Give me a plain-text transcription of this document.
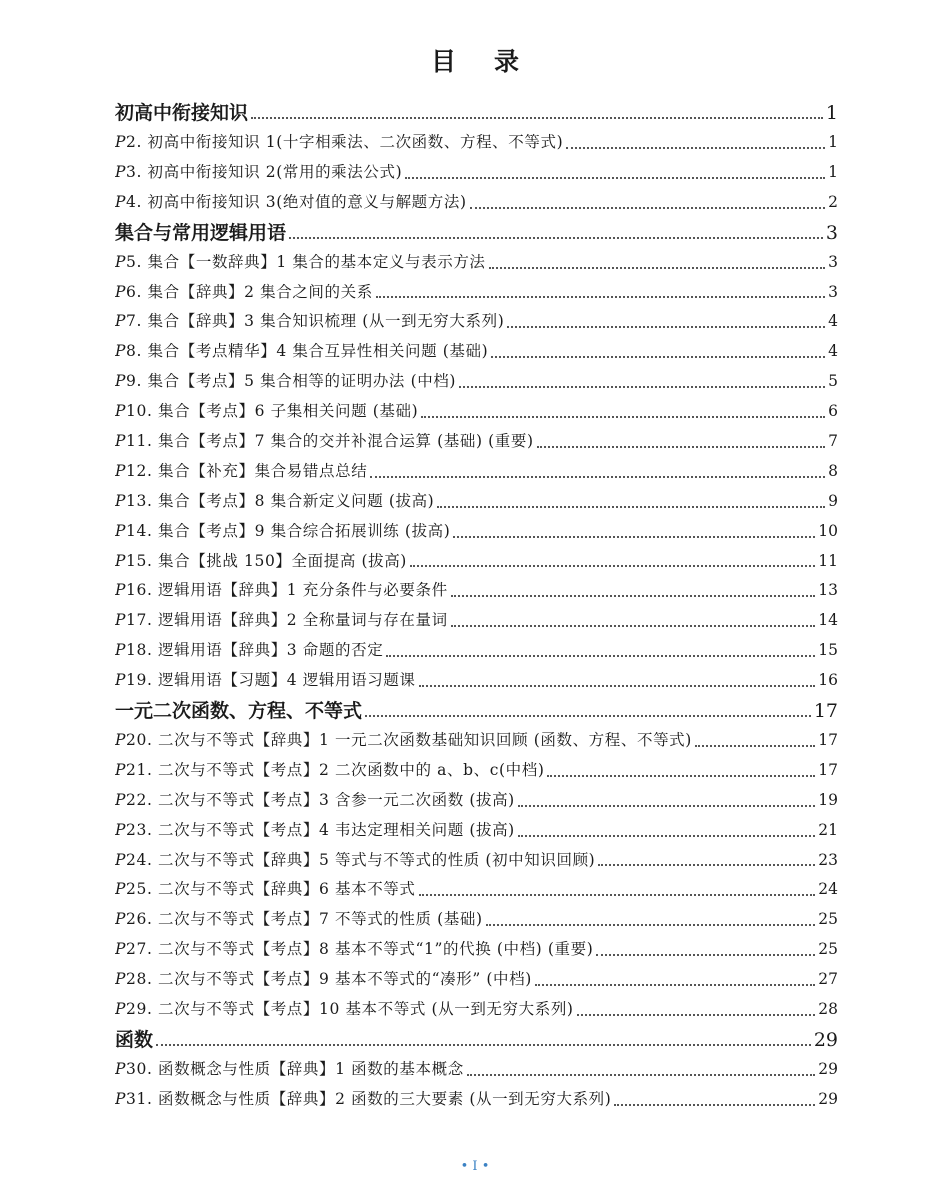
目录
初高中衔接知识	1
P2. 初高中衔接知识 1(十字相乘法、二次函数、方程、不等式)	1
P3. 初高中衔接知识 2(常用的乘法公式)	1
P4. 初高中衔接知识 3(绝对值的意义与解题方法)	2
集合与常用逻辑用语	3
P5. 集合【一数辞典】1 集合的基本定义与表示方法	3
P6. 集合【辞典】2 集合之间的关系	3
P7. 集合【辞典】3 集合知识梳理 (从一到无穷大系列)	4
P8. 集合【考点精华】4 集合互异性相关问题 (基础)	4
P9. 集合【考点】5 集合相等的证明办法 (中档)	5
P10. 集合【考点】6 子集相关问题 (基础)	6
P11. 集合【考点】7 集合的交并补混合运算 (基础) (重要)	7
P12. 集合【补充】集合易错点总结	8
P13. 集合【考点】8 集合新定义问题 (拔高)	9
P14. 集合【考点】9 集合综合拓展训练 (拔高)	10
P15. 集合【挑战 150】全面提高 (拔高)	11
P16. 逻辑用语【辞典】1 充分条件与必要条件	13
P17. 逻辑用语【辞典】2 全称量词与存在量词	14
P18. 逻辑用语【辞典】3 命题的否定	15
P19. 逻辑用语【习题】4 逻辑用语习题课	16
一元二次函数、方程、不等式	17
P20. 二次与不等式【辞典】1 一元二次函数基础知识回顾 (函数、方程、不等式)	17
P21. 二次与不等式【考点】2 二次函数中的 a、b、c(中档)	17
P22. 二次与不等式【考点】3 含参一元二次函数 (拔高)	19
P23. 二次与不等式【考点】4 韦达定理相关问题 (拔高)	21
P24. 二次与不等式【辞典】5 等式与不等式的性质 (初中知识回顾)	23
P25. 二次与不等式【辞典】6 基本不等式	24
P26. 二次与不等式【考点】7 不等式的性质 (基础)	25
P27. 二次与不等式【考点】8 基本不等式“1”的代换 (中档) (重要)	25
P28. 二次与不等式【考点】9 基本不等式的“凑形” (中档)	27
P29. 二次与不等式【考点】10 基本不等式 (从一到无穷大系列)	28
函数	29
P30. 函数概念与性质【辞典】1 函数的基本概念	29
P31. 函数概念与性质【辞典】2 函数的三大要素 (从一到无穷大系列)	29
• I •
